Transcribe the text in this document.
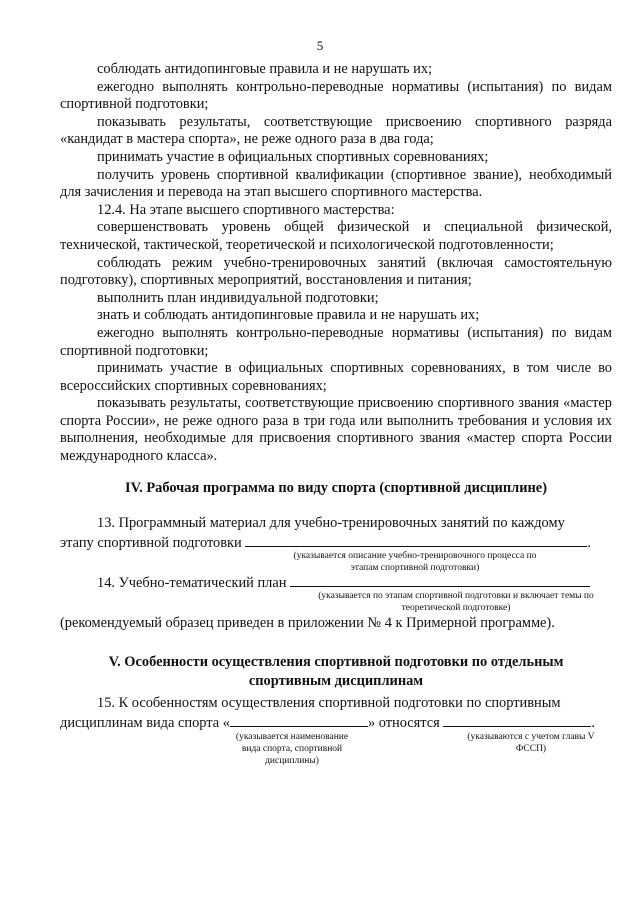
5

соблюдать антидопинговые правила и не нарушать их;

ежегодно выполнять контрольно-переводные нормативы (испытания) по видам спортивной подготовки;

показывать результаты, соответствующие присвоению спортивного разряда «кандидат в мастера спорта», не реже одного раза в два года;

принимать участие в официальных спортивных соревнованиях;

получить уровень спортивной квалификации (спортивное звание), необходимый для зачисления и перевода на этап высшего спортивного мастерства.

12.4. На этапе высшего спортивного мастерства:

совершенствовать уровень общей физической и специальной физической, технической, тактической, теоретической и психологической подготовленности;

соблюдать режим учебно-тренировочных занятий (включая самостоятельную подготовку), спортивных мероприятий, восстановления и питания;

выполнить план индивидуальной подготовки;

знать и соблюдать антидопинговые правила и не нарушать их;

ежегодно выполнять контрольно-переводные нормативы (испытания) по видам спортивной подготовки;

принимать участие в официальных спортивных соревнованиях, в том числе во всероссийских спортивных соревнованиях;

показывать результаты, соответствующие присвоению спортивного звания «мастер спорта России», не реже одного раза в три года или выполнить требования и условия их выполнения, необходимые для присвоения спортивного звания «мастер спорта России международного класса».

IV. Рабочая программа по виду спорта (спортивной дисциплине)
13. Программный материал для учебно-тренировочных занятий по каждому
этапу спортивной подготовки	.
(указывается описание учебно-тренировочного процесса по этапам спортивной подготовки)
14. Учебно-тематический план
(указывается по этапам спортивной подготовки и включает темы по теоретической подготовке)
(рекомендуемый образец приведен в приложении № 4 к Примерной программе).
V. Особенности осуществления спортивной подготовки по отдельным
спортивным дисциплинам
15. К особенностям осуществления спортивной подготовки по спортивным
дисциплинам вида спорта «	» относятся	.
(указывается наименование вида спорта, спортивной дисциплины)
(указываются с учетом главы V ФССП)
